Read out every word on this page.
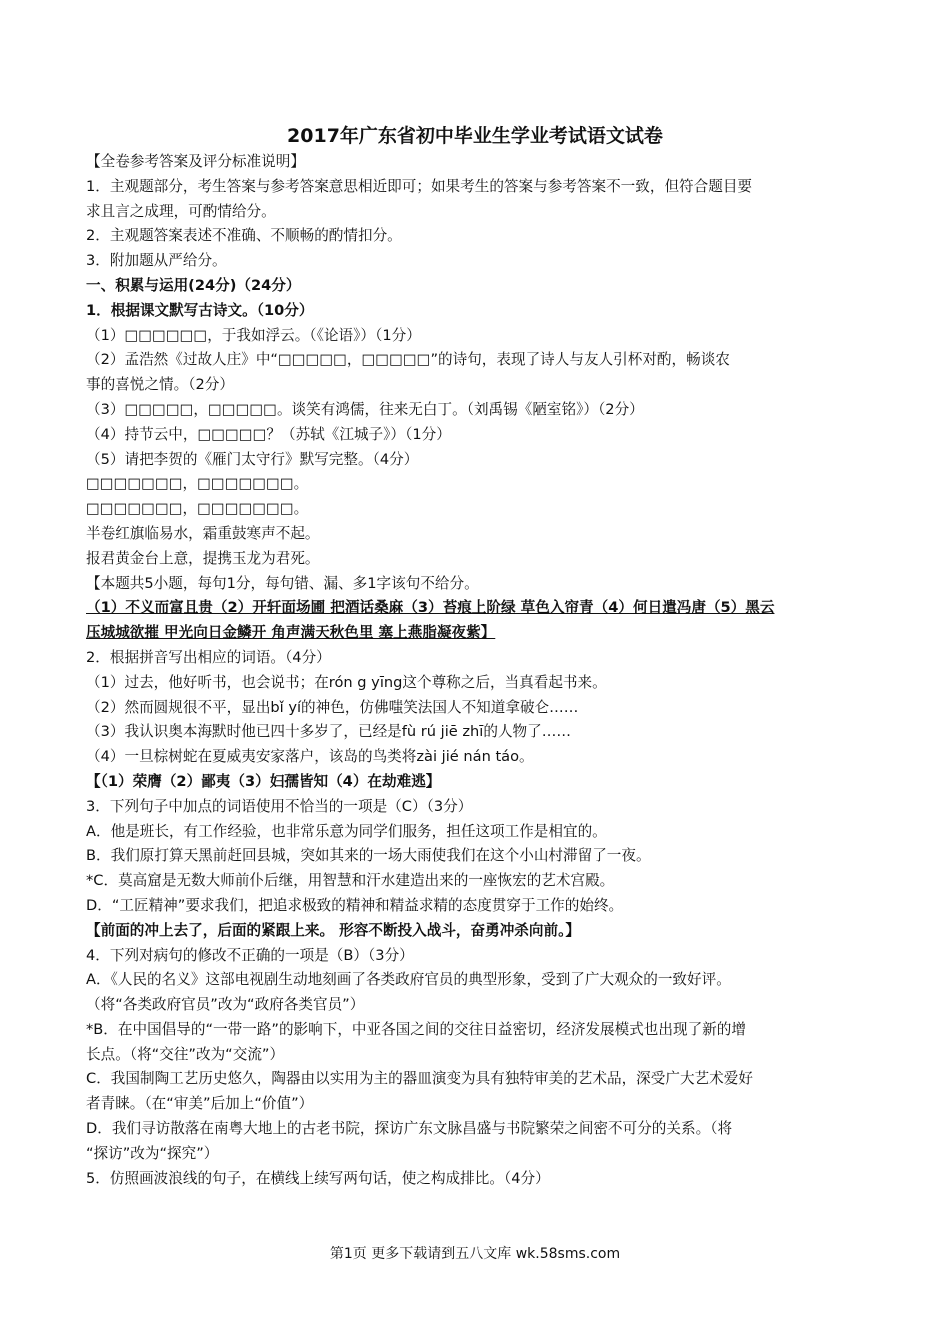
2017年广东省初中毕业生学业考试语文试卷
【全卷参考答案及评分标准说明】
1．主观题部分，考生答案与参考答案意思相近即可；如果考生的答案与参考答案不一致，但符合题目要
求且言之成理，可酌情给分。
2．主观题答案表述不准确、不顺畅的酌情扣分。
3．附加题从严给分。
一、积累与运用(24分)（24分）
1．根据课文默写古诗文。（10分）
（1）□□□□□□，于我如浮云。（《论语》）（1分）
（2）孟浩然《过故人庄》中“□□□□□，□□□□□”的诗句，表现了诗人与友人引杯对酌，畅谈农
事的喜悦之情。（2分）
（3）□□□□□，□□□□□。谈笑有鸿儒，往来无白丁。（刘禹锡《陋室铭》）（2分）
（4）持节云中，□□□□□？（苏轼《江城子》）（1分）
（5）请把李贺的《雁门太守行》默写完整。（4分）
□□□□□□□，□□□□□□□。
□□□□□□□，□□□□□□□。
半卷红旗临易水，霜重鼓寒声不起。
报君黄金台上意，提携玉龙为君死。
【本题共5小题，每句1分，每句错、漏、多1字该句不给分。
（1）不义而富且贵（2）开轩面场圃 把酒话桑麻（3）苔痕上阶绿 草色入帘青（4）何日遣冯唐（5）黑云
压城城欲摧 甲光向日金鳞开 角声满天秋色里 塞上燕脂凝夜紫】
2．根据拼音写出相应的词语。（4分）
（1）过去，他好听书，也会说书；在rón g yīng这个尊称之后，当真看起书来。
（2）然而圆规很不平，显出bǐ yí的神色，仿佛嗤笑法国人不知道拿破仑……
（3）我认识奥本海默时他已四十多岁了，已经是fù rú jiē zhī的人物了……
（4）一旦棕树蛇在夏威夷安家落户，该岛的鸟类将zài jié nán táo。
【（1）荣膺（2）鄙夷（3）妇孺皆知（4）在劫难逃】
3．下列句子中加点的词语使用不恰当的一项是（C）（3分）
A．他是班长，有工作经验，也非常乐意为同学们服务，担任这项工作是相宜的。
B．我们原打算天黑前赶回县城，突如其来的一场大雨使我们在这个小山村滞留了一夜。
*C．莫高窟是无数大师前仆后继，用智慧和汗水建造出来的一座恢宏的艺术宫殿。
D．“工匠精神”要求我们，把追求极致的精神和精益求精的态度贯穿于工作的始终。
【前面的冲上去了，后面的紧跟上来。 形容不断投入战斗，奋勇冲杀向前。】
4．下列对病句的修改不正确的一项是（B）（3分）
A．《人民的名义》这部电视剧生动地刻画了各类政府官员的典型形象，受到了广大观众的一致好评。
（将“各类政府官员”改为“政府各类官员”）
*B．在中国倡导的“一带一路”的影响下，中亚各国之间的交往日益密切，经济发展模式也出现了新的增
长点。（将“交往”改为“交流”）
C．我国制陶工艺历史悠久，陶器由以实用为主的器皿演变为具有独特审美的艺术品，深受广大艺术爱好
者青睐。（在“审美”后加上“价值”）
D．我们寻访散落在南粤大地上的古老书院，探访广东文脉昌盛与书院繁荣之间密不可分的关系。（将
“探访”改为“探究”）
5．仿照画波浪线的句子，在横线上续写两句话，使之构成排比。（4分）
第1页 更多下载请到五八文库 wk.58sms.com
